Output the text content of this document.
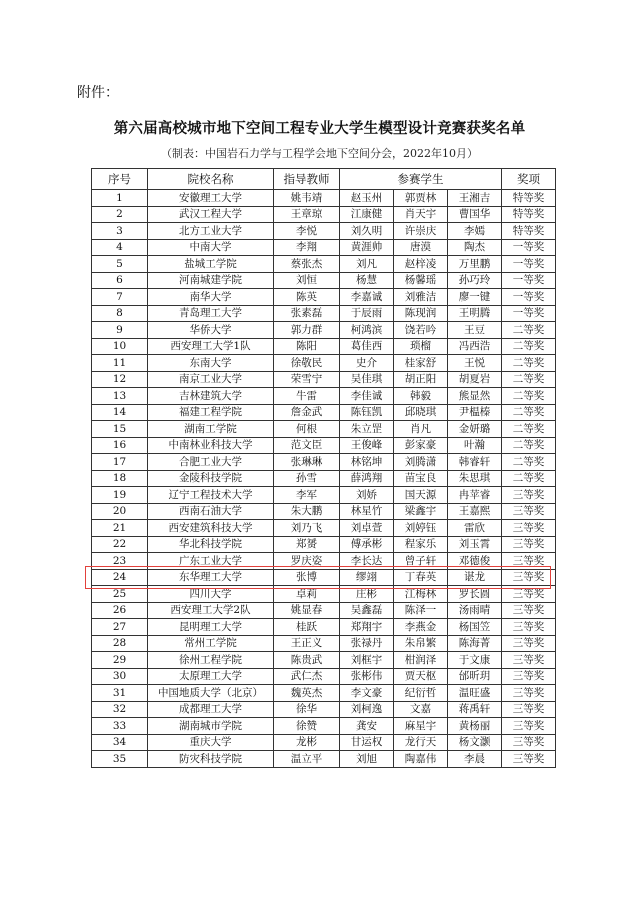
附件：
第六届高校城市地下空间工程专业大学生模型设计竞赛获奖名单
（制表：中国岩石力学与工程学会地下空间分会，2022年10月）
序号	院校名称	指导教师	参赛学生			奖项
1	安徽理工大学	姚韦靖	赵玉州	郭贾林	王湘吉	特等奖
2	武汉工程大学	王章琼	江康健	肖天宇	曹国华	特等奖
3	北方工业大学	李悦	刘久明	许崇庆	李嫣	特等奖
4	中南大学	李翔	黄涯帅	唐漠	陶杰	一等奖
5	盐城工学院	蔡张杰	刘凡	赵梓凌	万里鹏	一等奖
6	河南城建学院	刘恒	杨慧	杨馨瑶	孙巧玲	一等奖
7	南华大学	陈英	李嘉诚	刘雅洁	廖一键	一等奖
8	青岛理工大学	张素磊	于辰雨	陈现润	王明腾	一等奖
9	华侨大学	郭力群	柯鸿滨	饶若吟	王豆	二等奖
10	西安理工大学1队	陈阳	葛佳西	琐榴	冯西浩	二等奖
11	东南大学	徐敬民	史介	桂家舒	王悦	二等奖
12	南京工业大学	荣雪宁	吴佳琪	胡正阳	胡夏岩	二等奖
13	吉林建筑大学	牛雷	李佳诚	韩毅	熊显然	二等奖
14	福建工程学院	詹金武	陈钰凯	邱晓琪	尹榅榛	二等奖
15	湖南工学院	何根	朱立罡	肖凡	金妍璐	二等奖
16	中南林业科技大学	范文臣	王俊峰	彭家豪	叶瀚	二等奖
17	合肥工业大学	张琳琳	林铭坤	刘腾潇	韩睿轩	二等奖
18	金陵科技学院	孙雪	薛鸿翔	苗宝良	朱思琪	二等奖
19	辽宁工程技术大学	李军	刘娇	国天源	冉苹睿	三等奖
20	西南石油大学	朱大鹏	林星竹	梁鑫宇	王嘉熙	三等奖
21	西安建筑科技大学	刘乃飞	刘卓萱	刘婷钰	雷欣	三等奖
22	华北科技学院	郑赟	傅承彬	程家乐	刘玉霄	三等奖
23	广东工业大学	罗庆姿	李长达	曾子轩	邓德俊	三等奖
24	东华理工大学	张博	缪翊	丁春英	谌龙	三等奖
25	四川大学	卓莉	庄彬	江梅林	罗长圆	三等奖
26	西安理工大学2队	姚显春	吴鑫磊	陈泽一	汤雨晴	三等奖
27	昆明理工大学	桂跃	郑翔宇	李燕金	杨国笠	三等奖
28	常州工学院	王正义	张禄丹	朱帛繁	陈海菁	三等奖
29	徐州工程学院	陈贵武	刘框宇	柑润泽	于文康	三等奖
30	太原理工大学	武仁杰	张彬伟	贾天枢	邰昕玥	三等奖
31	中国地质大学（北京）	魏英杰	李文豪	纪衍哲	温旺盛	三等奖
32	成都理工大学	徐华	刘柯逸	文嘉	蒋禹轩	三等奖
33	湖南城市学院	徐赞	龚安	麻星宇	黄杨丽	三等奖
34	重庆大学	龙彬	甘运权	龙行天	杨文灏	三等奖
35	防灾科技学院	温立平	刘旭	陶嘉伟	李晨	三等奖
